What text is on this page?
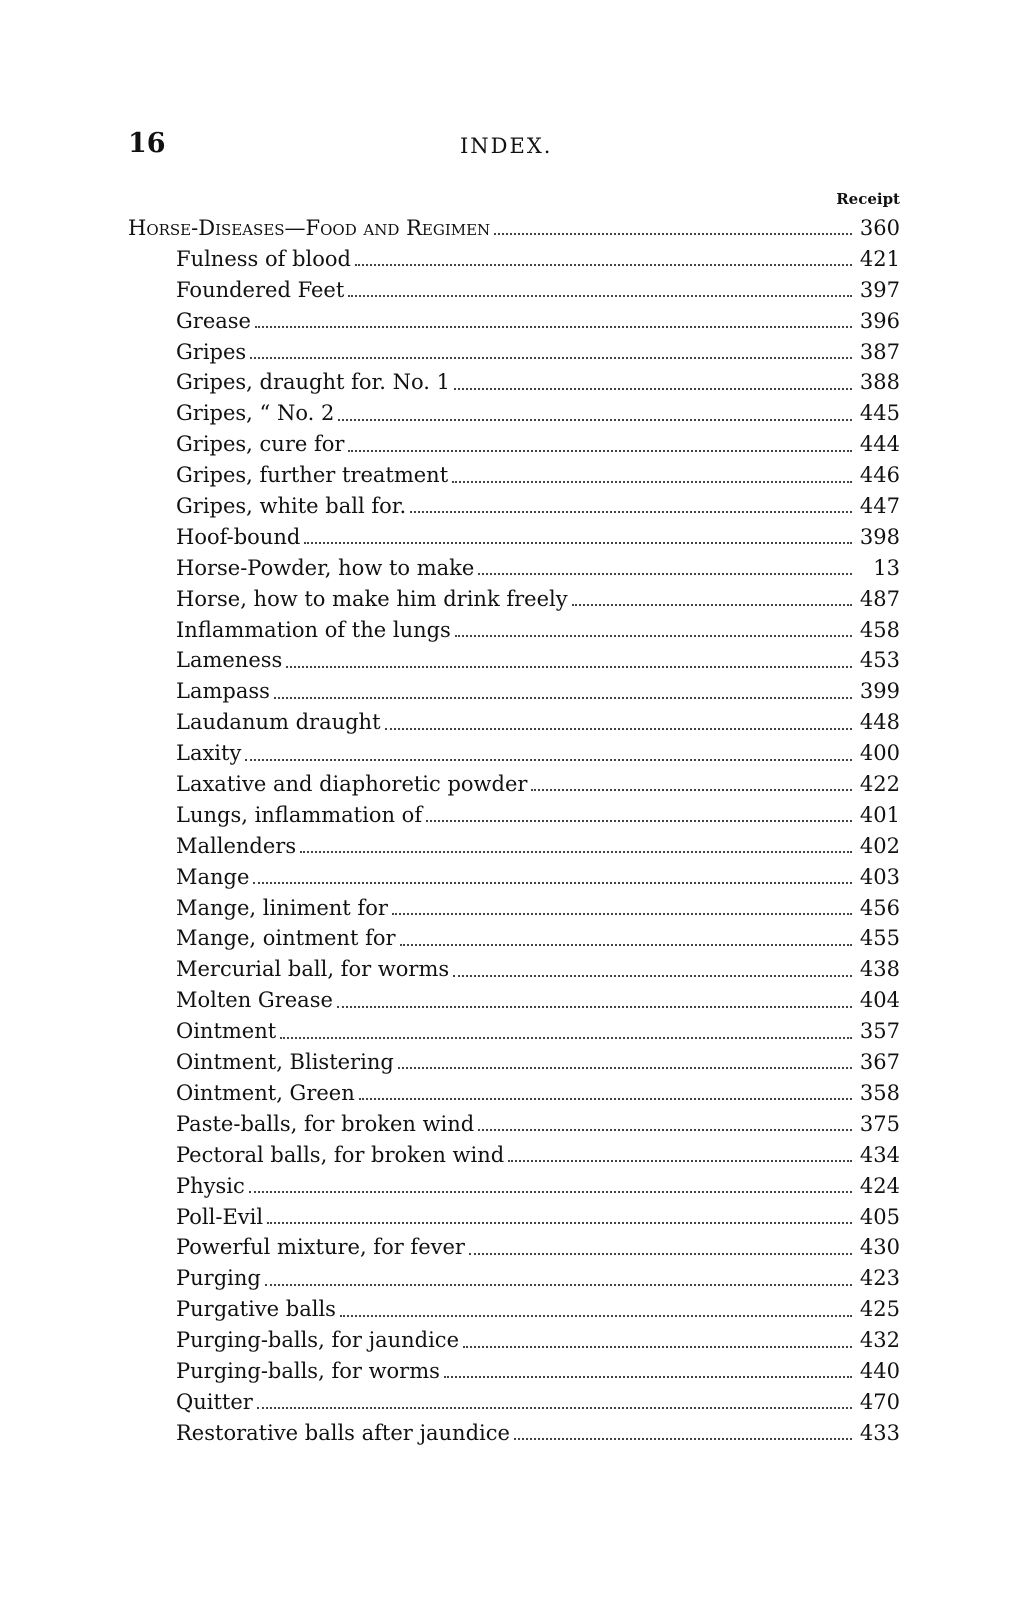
16	INDEX.
Receipt
Horse-Diseases—Food and Regimen	360
Fulness of blood	421
Foundered Feet	397
Grease	396
Gripes	387
Gripes, draught for. No. 1	388
Gripes, “ No. 2	445
Gripes, cure for	444
Gripes, further treatment	446
Gripes, white ball for.	447
Hoof-bound	398
Horse-Powder, how to make	13
Horse, how to make him drink freely	487
Inflammation of the lungs	458
Lameness	453
Lampass	399
Laudanum draught	448
Laxity	400
Laxative and diaphoretic powder	422
Lungs, inflammation of	401
Mallenders	402
Mange	403
Mange, liniment for	456
Mange, ointment for	455
Mercurial ball, for worms	438
Molten Grease	404
Ointment	357
Ointment, Blistering	367
Ointment, Green	358
Paste-balls, for broken wind	375
Pectoral balls, for broken wind	434
Physic	424
Poll-Evil	405
Powerful mixture, for fever	430
Purging	423
Purgative balls	425
Purging-balls, for jaundice	432
Purging-balls, for worms	440
Quitter	470
Restorative balls after jaundice	433
